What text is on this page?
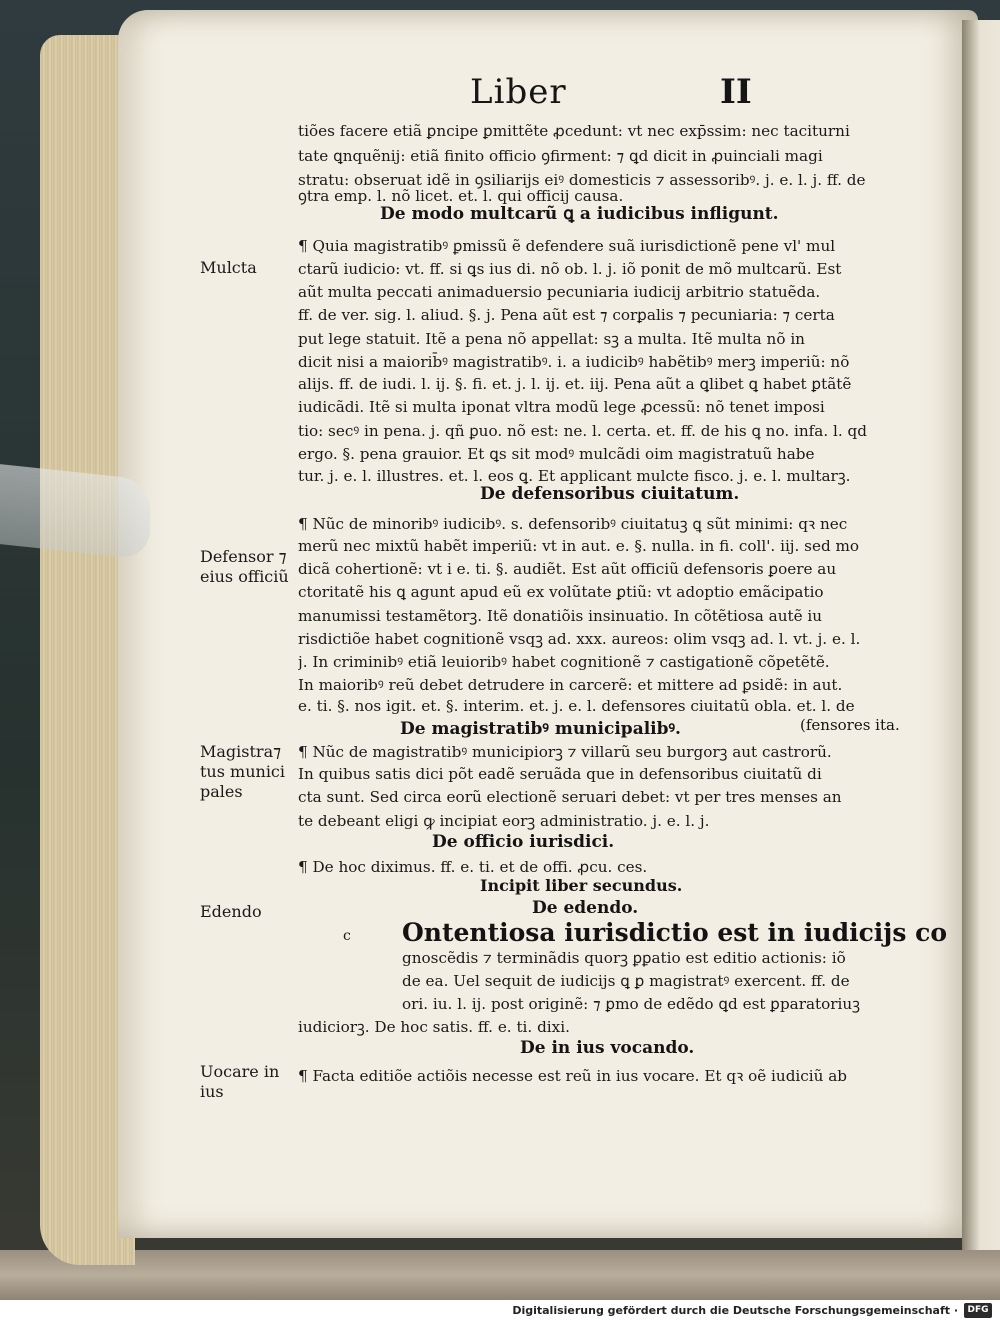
Liber	II
tiões facere etiã ꝑncipe ꝑmittẽte ꝓcedunt: vt nec exp̄ssim: nec taciturni
tate ꝗnquẽnij: etiã finito officio ꝯfirment: ⁊ ꝗd dicit in ꝓuinciali magi
stratu: obseruat idẽ in ꝯsiliarijs eiꝰ domesticis ⁊ assessoribꝰ. j. e. l. j. ff. de
ꝯtra emp. l. nõ licet. et. l. qui officij causa.
De modo multcarũ ꝗ a iudicibus infligunt.
Mulcta
¶ Quia magistratibꝰ ꝑmissũ ẽ defendere suã iurisdictionẽ pene vl' mul
ctarũ iudicio: vt. ff. si ꝗs ius di. nõ ob. l. j. iõ ponit de mõ multcarũ. Est
aũt multa peccati animaduersio pecuniaria iudicij arbitrio statuẽda.
ff. de ver. sig. l. aliud. §. j. Pena aũt est ⁊ corꝑalis ⁊ pecuniaria: ⁊ certa
put lege statuit. Itẽ a pena nõ appellat: sꝫ a multa. Itẽ multa nõ in
dicit nisi a maiorib̄ꝰ magistratibꝰ. i. a iudicibꝰ habẽtibꝰ merꝫ imperiũ: nõ
alijs. ff. de iudi. l. ij. §. fi. et. j. l. ij. et. iij. Pena aũt a ꝗlibet ꝗ habet ꝑtãtẽ
iudicãdi. Itẽ si multa iponat vltra modũ lege ꝓcessũ: nõ tenet imposi
tio: secꝰ in pena. j. qñ ꝑuo. nõ est: ne. l. certa. et. ff. de his ꝗ no. infa. l. qd
ergo. §. pena grauior. Et ꝗs sit modꝰ mulcãdi oim magistratuũ habe
tur. j. e. l. illustres. et. l. eos ꝗ. Et applicant mulcte fisco. j. e. l. multarꝫ.
De defensoribus ciuitatum.
Defensor ⁊ eius officiũ
¶ Nũc de minoribꝰ iudicibꝰ. s. defensoribꝰ ciuitatuꝫ ꝗ sũt minimi: qꝛ nec
merũ nec mixtũ habẽt imperiũ: vt in aut. e. §. nulla. in fi. coll'. iij. sed mo
dicã cohertionẽ: vt i e. ti. §. audiẽt. Est aũt officiũ defensoris ꝑoere au
ctoritatẽ his ꝗ agunt apud eũ ex volũtate ꝑtiũ: vt adoptio emãcipatio
manumissi testamẽtorꝫ. Itẽ donatiõis insinuatio. In cõtẽtiosa autẽ iu
risdictiõe habet cognitionẽ vsqꝫ ad. xxx. aureos: olim vsqꝫ ad. l. vt. j. e. l.
j. In criminibꝰ etiã leuioribꝰ habet cognitionẽ ⁊ castigationẽ cõpetẽtẽ.
In maioribꝰ reũ debet detrudere in carcerẽ: et mittere ad ꝑsidẽ: in aut.
e. ti. §. nos igit. et. §. interim. et. j. e. l. defensores ciuitatũ obla. et. l. de
De magistratibꝰ municipalibꝰ.	(fensores ita.
Magistra⁊ tus munici pales
¶ Nũc de magistratibꝰ municipiorꝫ ⁊ villarũ seu burgorꝫ aut castrorũ.
In quibus satis dici põt eadẽ seruãda que in defensoribus ciuitatũ di
cta sunt. Sed circa eorũ electionẽ seruari debet: vt per tres menses an
te debeant eligi ꝙ incipiat eorꝫ administratio. j. e. l. j.
De officio iurisdici.
¶ De hoc diximus. ff. e. ti. et de offi. ꝓcu. ces.
Incipit liber secundus.
De edendo.
Edendo
Ontentiosa iurisdictio est in iudicijs co
c
gnoscẽdis ⁊ terminãdis quorꝫ ꝑꝑatio est editio actionis: iõ
de ea. Uel sequit de iudicijs ꝗ ꝑ magistratꝰ exercent. ff. de
ori. iu. l. ij. post originẽ: ⁊ ꝑmo de edẽdo ꝗd est ꝑparatoriuꝫ
iudiciorꝫ. De hoc satis. ff. e. ti. dixi.
De in ius vocando.
Uocare in ius
¶ Facta editiõe actiõis necesse est reũ in ius vocare. Et qꝛ oẽ iudiciũ ab
Digitalisierung gefördert durch die Deutsche Forschungsgemeinschaft ·	DFG
